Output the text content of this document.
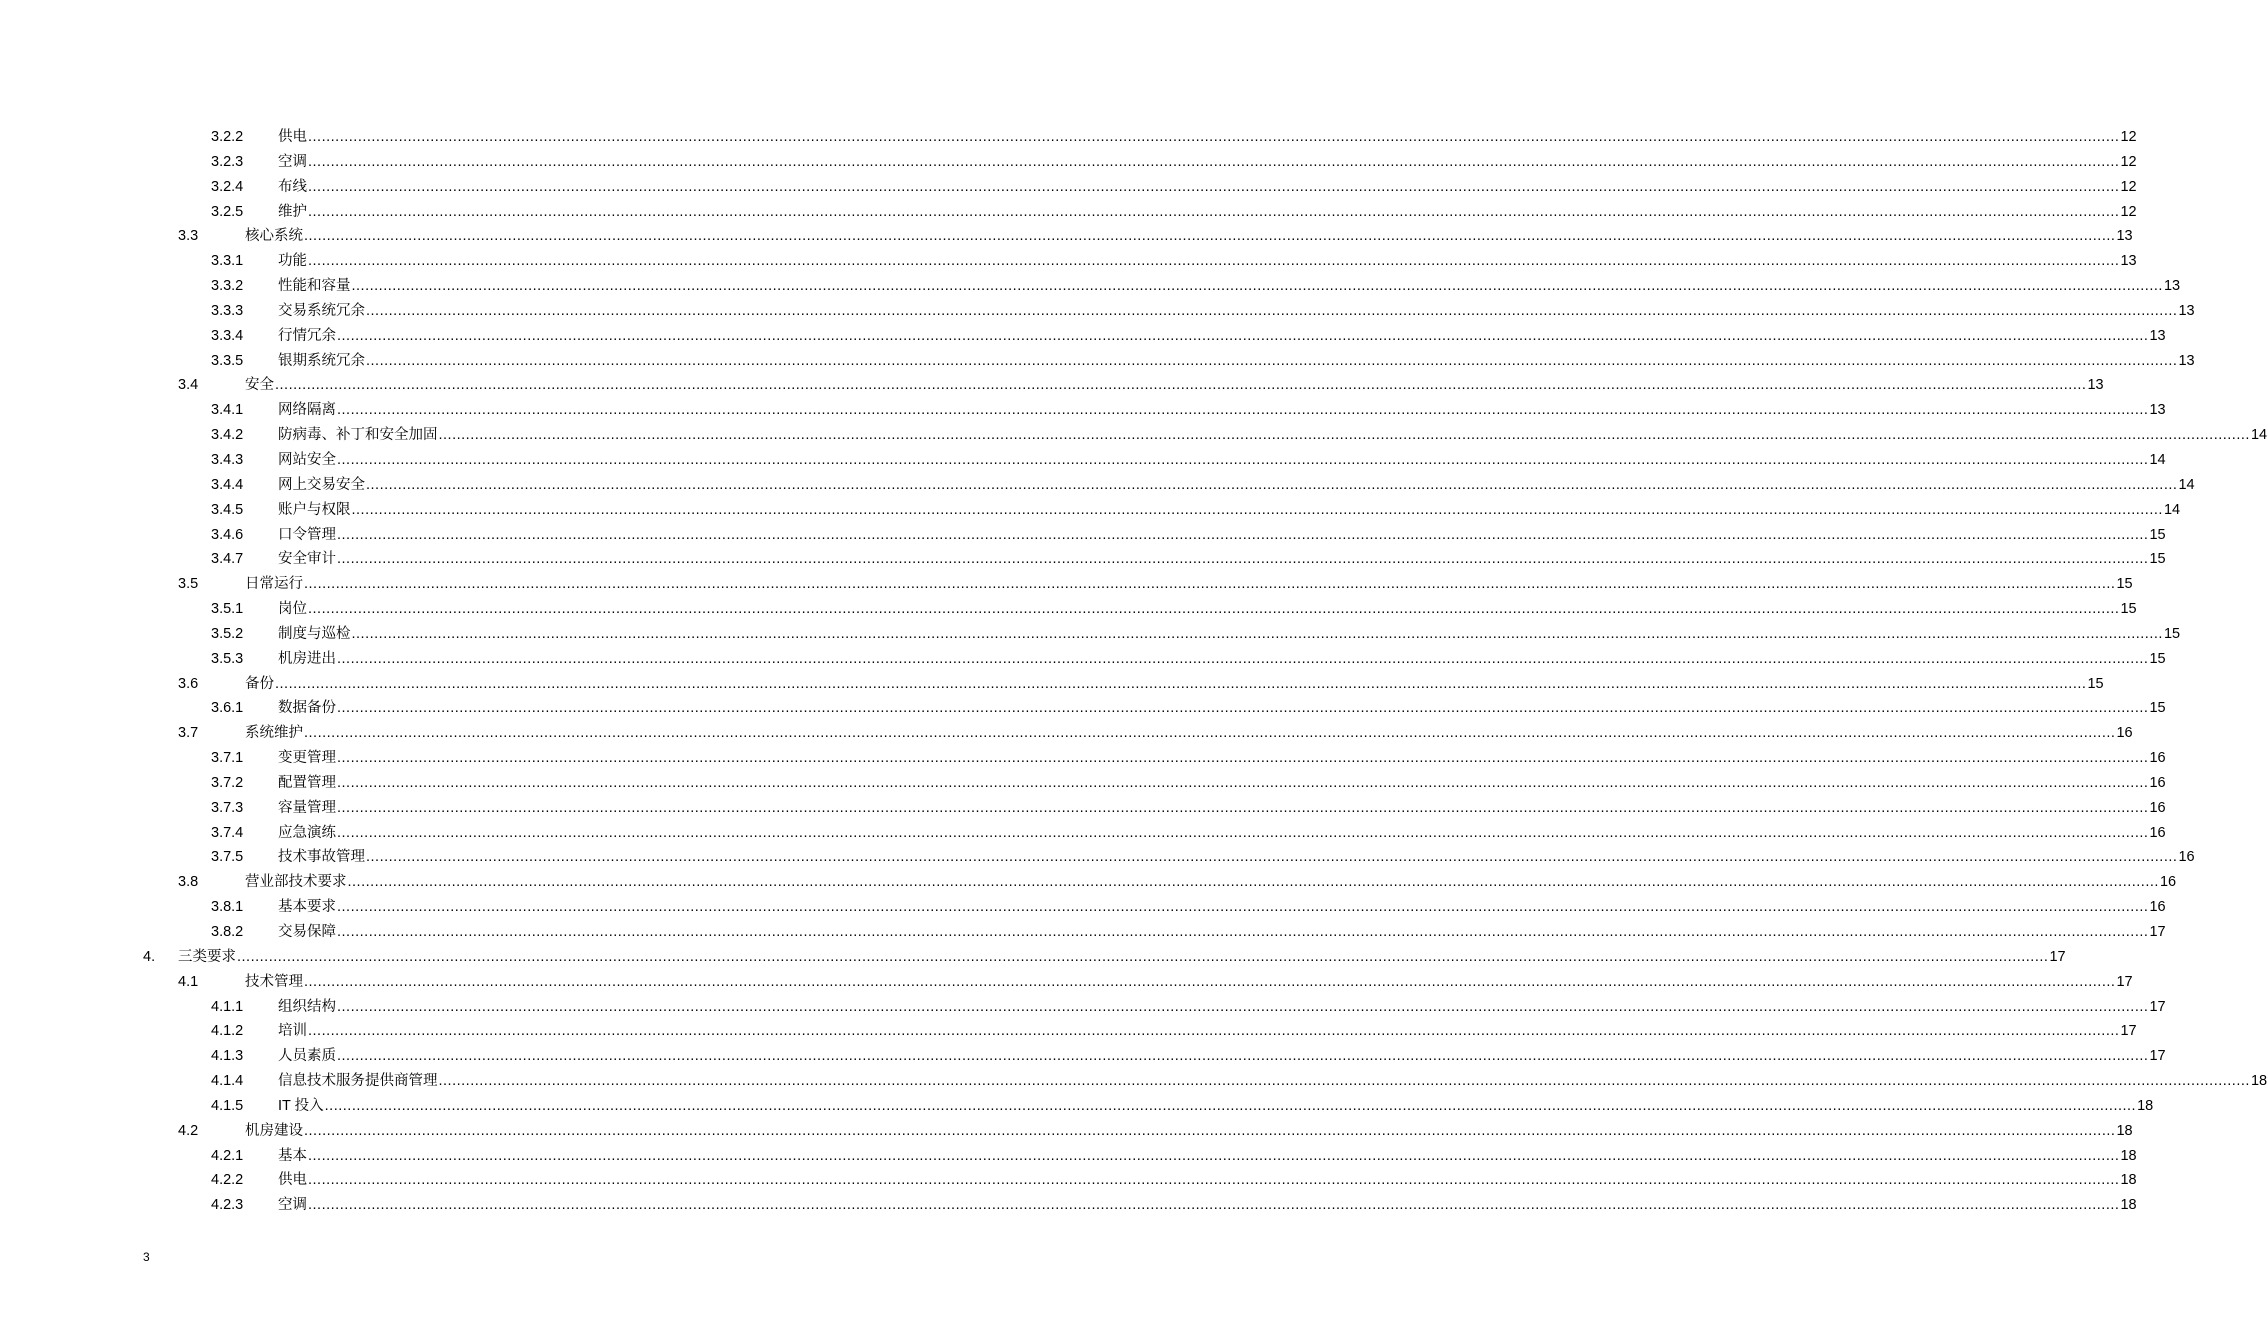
3.2.2 供电 ................................................................................................................................................................................................................................................................................................................................................................................................................ 12
3.2.3 空调 ................................................................................................................................................................................................................................................................................................................................................................................................................ 12
3.2.4 布线 ................................................................................................................................................................................................................................................................................................................................................................................................................ 12
3.2.5 维护 ................................................................................................................................................................................................................................................................................................................................................................................................................ 12
3.3	核心系统 ................................................................................................................................................................................................................................................................................................................................................................................................................ 13
3.3.1 功能 ................................................................................................................................................................................................................................................................................................................................................................................................................ 13
3.3.2 性能和容量 ................................................................................................................................................................................................................................................................................................................................................................................................................ 13
3.3.3 交易系统冗余 ................................................................................................................................................................................................................................................................................................................................................................................................................ 13
3.3.4 行情冗余 ................................................................................................................................................................................................................................................................................................................................................................................................................ 13
3.3.5 银期系统冗余 ................................................................................................................................................................................................................................................................................................................................................................................................................ 13
3.4	安全 ................................................................................................................................................................................................................................................................................................................................................................................................................ 13
3.4.1 网络隔离 ................................................................................................................................................................................................................................................................................................................................................................................................................ 13
3.4.2 防病毒、补丁和安全加固 ................................................................................................................................................................................................................................................................................................................................................................................................................ 14
3.4.3 网站安全 ................................................................................................................................................................................................................................................................................................................................................................................................................ 14
3.4.4 网上交易安全 ................................................................................................................................................................................................................................................................................................................................................................................................................ 14
3.4.5 账户与权限 ................................................................................................................................................................................................................................................................................................................................................................................................................ 14
3.4.6 口令管理 ................................................................................................................................................................................................................................................................................................................................................................................................................ 15
3.4.7 安全审计 ................................................................................................................................................................................................................................................................................................................................................................................................................ 15
3.5	日常运行 ................................................................................................................................................................................................................................................................................................................................................................................................................ 15
3.5.1 岗位 ................................................................................................................................................................................................................................................................................................................................................................................................................ 15
3.5.2 制度与巡检 ................................................................................................................................................................................................................................................................................................................................................................................................................ 15
3.5.3 机房进出 ................................................................................................................................................................................................................................................................................................................................................................................................................ 15
3.6	备份 ................................................................................................................................................................................................................................................................................................................................................................................................................ 15
3.6.1 数据备份 ................................................................................................................................................................................................................................................................................................................................................................................................................ 15
3.7	系统维护 ................................................................................................................................................................................................................................................................................................................................................................................................................ 16
3.7.1 变更管理 ................................................................................................................................................................................................................................................................................................................................................................................................................ 16
3.7.2 配置管理 ................................................................................................................................................................................................................................................................................................................................................................................................................ 16
3.7.3 容量管理 ................................................................................................................................................................................................................................................................................................................................................................................................................ 16
3.7.4 应急演练 ................................................................................................................................................................................................................................................................................................................................................................................................................ 16
3.7.5 技术事故管理 ................................................................................................................................................................................................................................................................................................................................................................................................................ 16
3.8	营业部技术要求 ................................................................................................................................................................................................................................................................................................................................................................................................................ 16
3.8.1 基本要求 ................................................................................................................................................................................................................................................................................................................................................................................................................ 16
3.8.2 交易保障 ................................................................................................................................................................................................................................................................................................................................................................................................................ 17
4. 三类要求 ................................................................................................................................................................................................................................................................................................................................................................................................................ 17
4.1	技术管理 ................................................................................................................................................................................................................................................................................................................................................................................................................ 17
4.1.1 组织结构 ................................................................................................................................................................................................................................................................................................................................................................................................................ 17
4.1.2 培训 ................................................................................................................................................................................................................................................................................................................................................................................................................ 17
4.1.3 人员素质 ................................................................................................................................................................................................................................................................................................................................................................................................................ 17
4.1.4 信息技术服务提供商管理 ................................................................................................................................................................................................................................................................................................................................................................................................................ 18
4.1.5 IT 投入 ................................................................................................................................................................................................................................................................................................................................................................................................................ 18
4.2	机房建设 ................................................................................................................................................................................................................................................................................................................................................................................................................ 18
4.2.1 基本 ................................................................................................................................................................................................................................................................................................................................................................................................................ 18
4.2.2 供电 ................................................................................................................................................................................................................................................................................................................................................................................................................ 18
4.2.3 空调 ................................................................................................................................................................................................................................................................................................................................................................................................................ 18
3
